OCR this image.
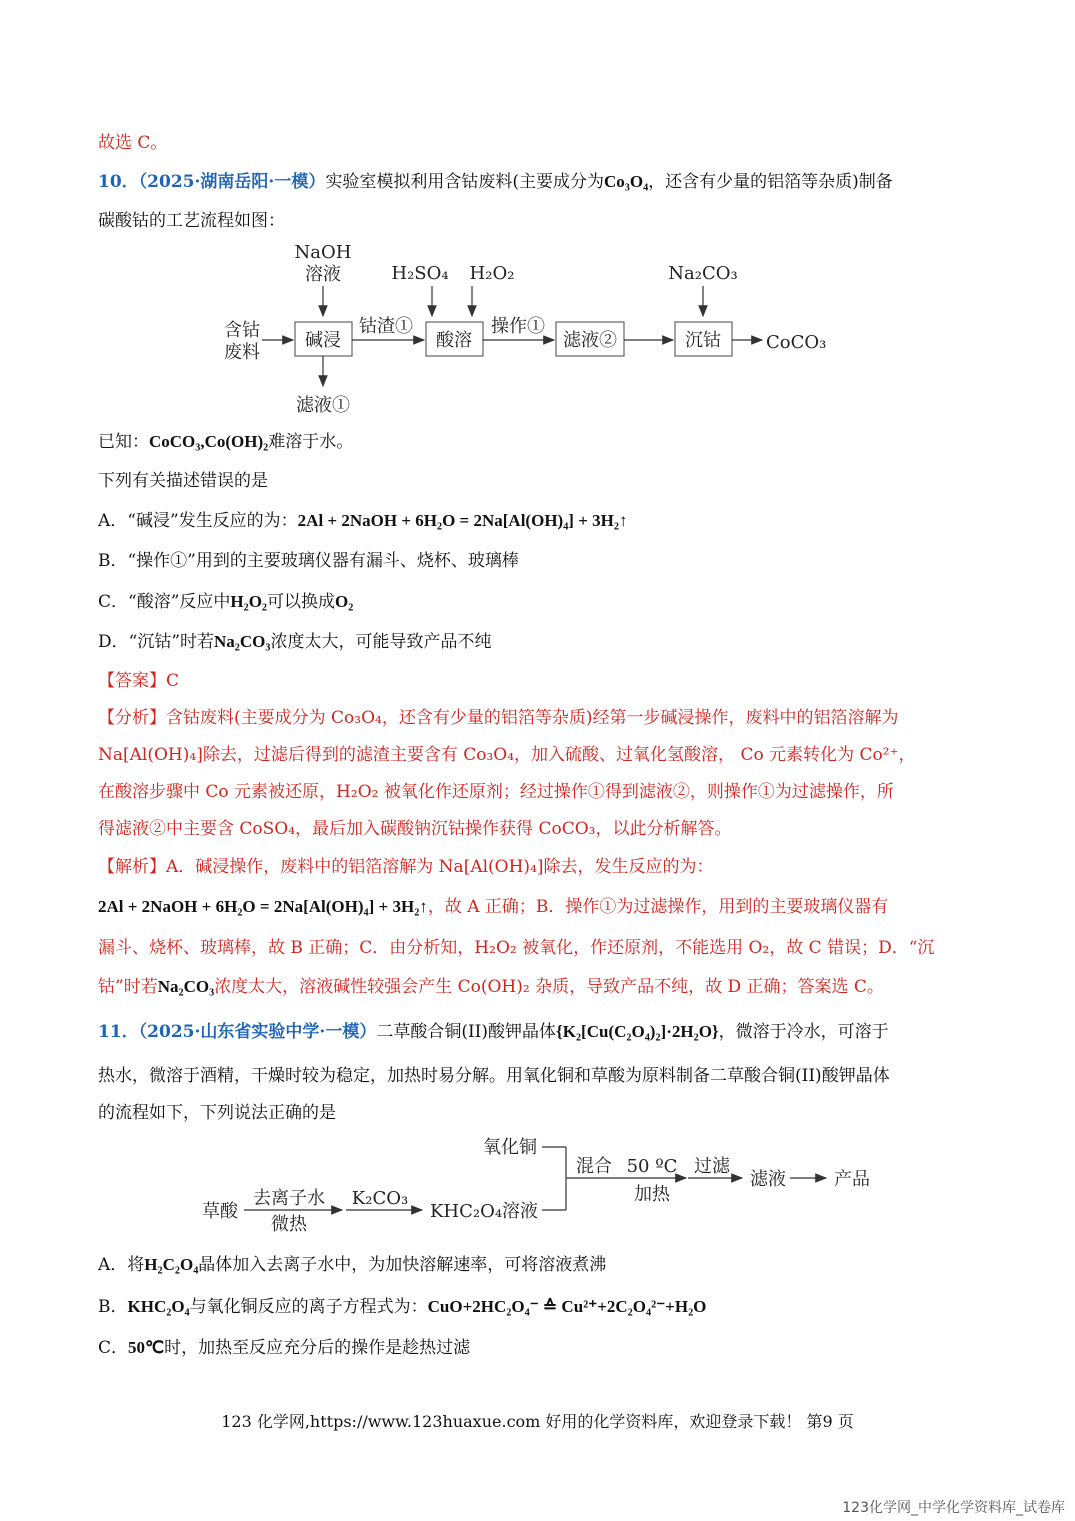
故选 C。
10．（2025·湖南岳阳·一模）实验室模拟利用含钴废料(主要成分为Co₃O₄，还含有少量的铝箔等杂质)制备
碳酸钴的工艺流程如图：
NaOH
溶液	H₂SO₄ H₂O₂	Na₂CO₃
含钴
废料
碱浸
钴渣①
酸溶
操作①
滤液②	沉钴	CoCO₃
滤液①
已知：CoCO₃,Co(OH)₂难溶于水。
下列有关描述错误的是
A．“碱浸”发生反应的为：2Al + 2NaOH + 6H₂O = 2Na[Al(OH)₄] + 3H₂↑
B．“操作①”用到的主要玻璃仪器有漏斗、烧杯、玻璃棒
C．“酸溶”反应中H₂O₂可以换成O₂
D．“沉钴”时若Na₂CO₃浓度太大，可能导致产品不纯
【答案】C
【分析】含钴废料(主要成分为 Co₃O₄，还含有少量的铝箔等杂质)经第一步碱浸操作，废料中的铝箔溶解为
Na[Al(OH)₄]除去，过滤后得到的滤渣主要含有 Co₃O₄，加入硫酸、过氧化氢酸溶， Co 元素转化为 Co²⁺，
在酸溶步骤中 Co 元素被还原，H₂O₂ 被氧化作还原剂；经过操作①得到滤液②，则操作①为过滤操作，所
得滤液②中主要含 CoSO₄，最后加入碳酸钠沉钴操作获得 CoCO₃，以此分析解答。
【解析】A．碱浸操作，废料中的铝箔溶解为 Na[Al(OH)₄]除去，发生反应的为：
2Al + 2NaOH + 6H₂O = 2Na[Al(OH)₄] + 3H₂↑，故 A 正确；B．操作①为过滤操作，用到的主要玻璃仪器有
漏斗、烧杯、玻璃棒，故 B 正确；C．由分析知，H₂O₂ 被氧化，作还原剂，不能选用 O₂，故 C 错误；D．“沉
钴”时若Na₂CO₃浓度太大，溶液碱性较强会产生 Co(OH)₂ 杂质，导致产品不纯，故 D 正确；答案选 C。
11．（2025·山东省实验中学·一模）二草酸合铜(II)酸钾晶体{K₂[Cu(C₂O₄)₂]·2H₂O}，微溶于冷水，可溶于
热水，微溶于酒精，干燥时较为稳定，加热时易分解。用氧化铜和草酸为原料制备二草酸合铜(II)酸钾晶体
的流程如下，下列说法正确的是
氧化铜
草酸
去离子水
微热
K₂CO₃
KHC₂O₄溶液
混合 50 ºC
加热
过滤
滤液	产品
A．将H₂C₂O₄晶体加入去离子水中，为加快溶解速率，可将溶液煮沸
B．KHC₂O₄与氧化铜反应的离子方程式为：CuO+2HC₂O₄⁻ ≙ Cu²⁺+2C₂O₄²⁻+H₂O
C．50℃时，加热至反应充分后的操作是趁热过滤
123 化学网,https://www.123huaxue.com 好用的化学资料库，欢迎登录下载！ 第9 页
123化学网_中学化学资料库_试卷库
